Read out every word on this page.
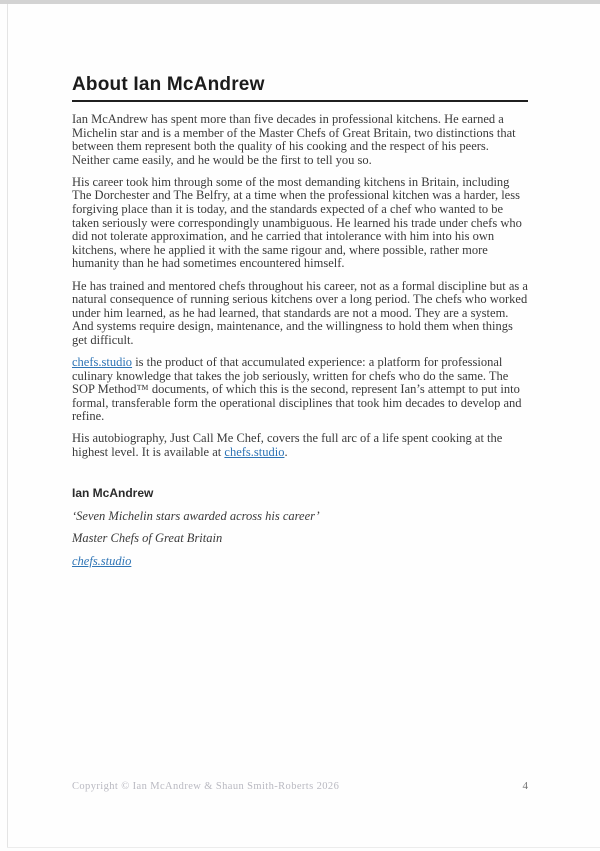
About Ian McAndrew

Ian McAndrew has spent more than five decades in professional kitchens. He earned a Michelin star and is a member of the Master Chefs of Great Britain, two distinctions that between them represent both the quality of his cooking and the respect of his peers. Neither came easily, and he would be the first to tell you so.

His career took him through some of the most demanding kitchens in Britain, including The Dorchester and The Belfry, at a time when the professional kitchen was a harder, less forgiving place than it is today, and the standards expected of a chef who wanted to be taken seriously were correspondingly unambiguous. He learned his trade under chefs who did not tolerate approximation, and he carried that intolerance with him into his own kitchens, where he applied it with the same rigour and, where possible, rather more humanity than he had sometimes encountered himself.

He has trained and mentored chefs throughout his career, not as a formal discipline but as a natural consequence of running serious kitchens over a long period. The chefs who worked under him learned, as he had learned, that standards are not a mood. They are a system. And systems require design, maintenance, and the willingness to hold them when things get difficult.

chefs.studio is the product of that accumulated experience: a platform for professional culinary knowledge that takes the job seriously, written for chefs who do the same. The SOP Method™ documents, of which this is the second, represent Ian’s attempt to put into formal, transferable form the operational disciplines that took him decades to develop and refine.

His autobiography, Just Call Me Chef, covers the full arc of a life spent cooking at the highest level. It is available at chefs.studio.

Ian McAndrew

‘Seven Michelin stars awarded across his career’

Master Chefs of Great Britain

chefs.studio

Copyright © Ian McAndrew & Shaun Smith-Roberts 2026	4
